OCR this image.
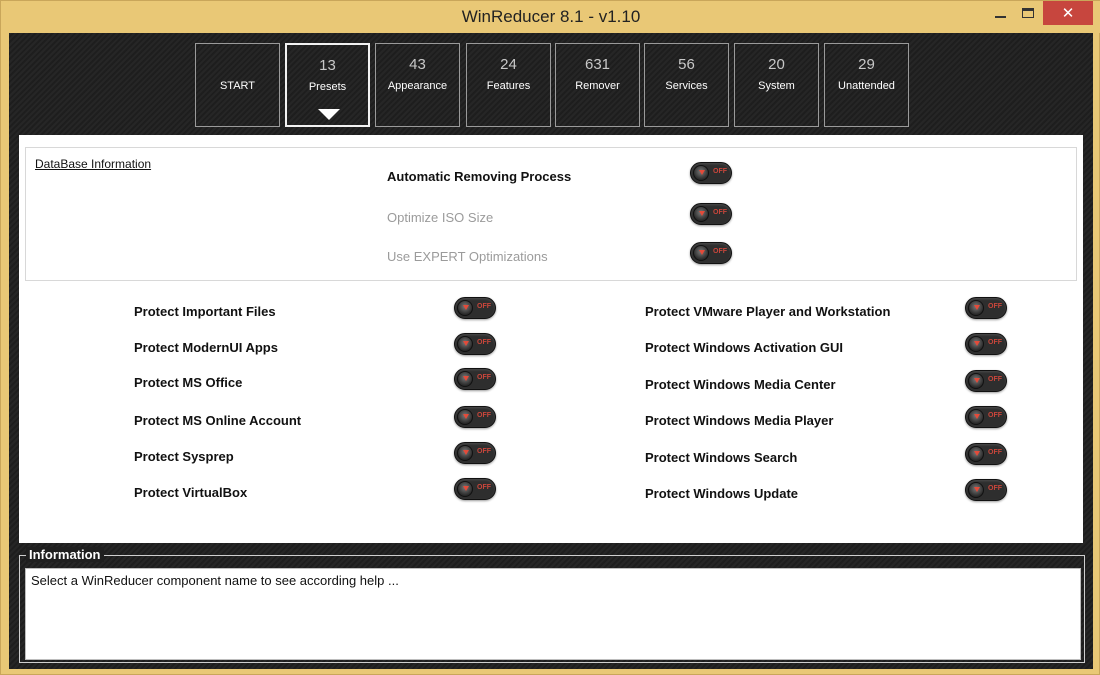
WinReducer 8.1 - v1.10	✕
START
13
Presets
43
Appearance
24
Features
631
Remover
56
Services
20
System
29
Unattended
DataBase Information
Automatic Removing Process	OFF
Optimize ISO Size	OFF
Use EXPERT Optimizations	OFF
Protect Important Files	OFF
Protect ModernUI Apps	OFF
Protect MS Office	OFF
Protect MS Online Account	OFF
Protect Sysprep	OFF
Protect VirtualBox	OFF
Protect VMware Player and Workstation	OFF
Protect Windows Activation GUI	OFF
Protect Windows Media Center	OFF
Protect Windows Media Player	OFF
Protect Windows Search	OFF
Protect Windows Update	OFF
Information
Select a WinReducer component name to see according help ...
